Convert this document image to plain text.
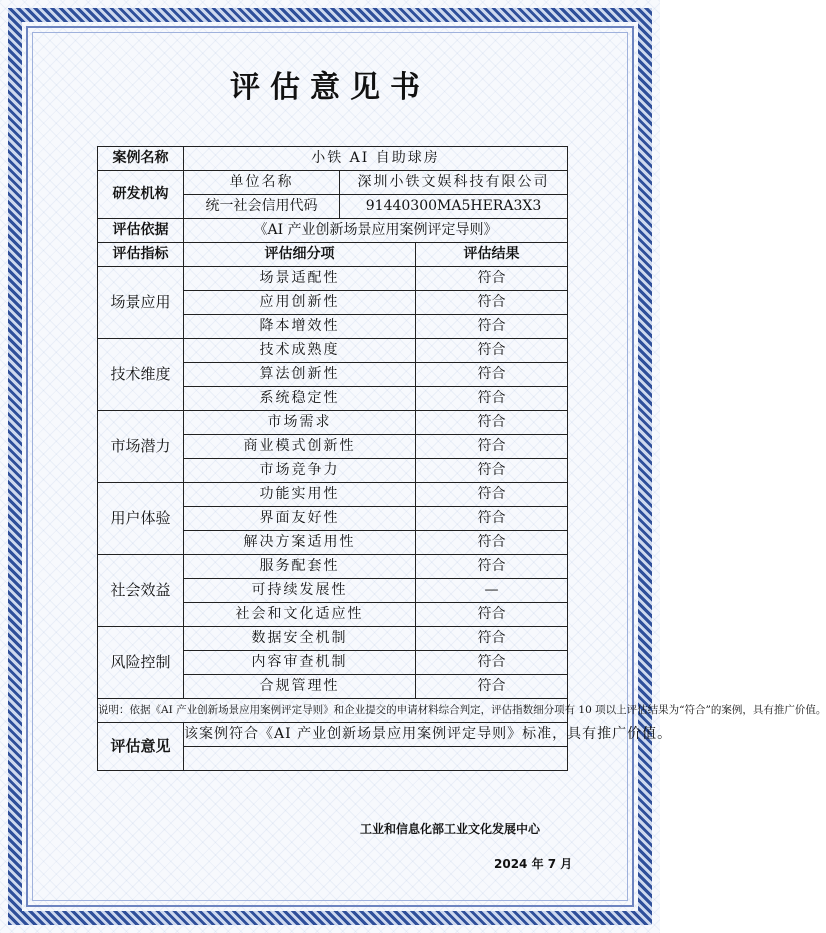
评估意见书
案例名称	小铁 AI 自助球房		
研发机构	单位名称	深圳小铁文娱科技有限公司	
	统一社会信用代码	91440300MA5HERA3X3	
评估依据	《AI 产业创新场景应用案例评定导则》		
评估指标	评估细分项		评估结果
场景应用	场景适配性		符合
	应用创新性		符合
	降本增效性		符合
技术维度	技术成熟度		符合
	算法创新性		符合
	系统稳定性		符合
市场潜力	市场需求		符合
	商业模式创新性		符合
	市场竞争力		符合
用户体验	功能实用性		符合
	界面友好性		符合
	解决方案适用性		符合
社会效益	服务配套性		符合
	可持续发展性		—
	社会和文化适应性		符合
风险控制	数据安全机制		符合
	内容审查机制		符合
	合规管理性		符合
说明：依据《AI 产业创新场景应用案例评定导则》和企业提交的申请材料综合判定，评估指数细分项有 10 项以上评估结果为“符合”的案例，具有推广价值。			
评估意见	该案例符合《AI 产业创新场景应用案例评定导则》标准，具有推广价值。		

工业和信息化部工业文化发展中心
2024 年 7 月
